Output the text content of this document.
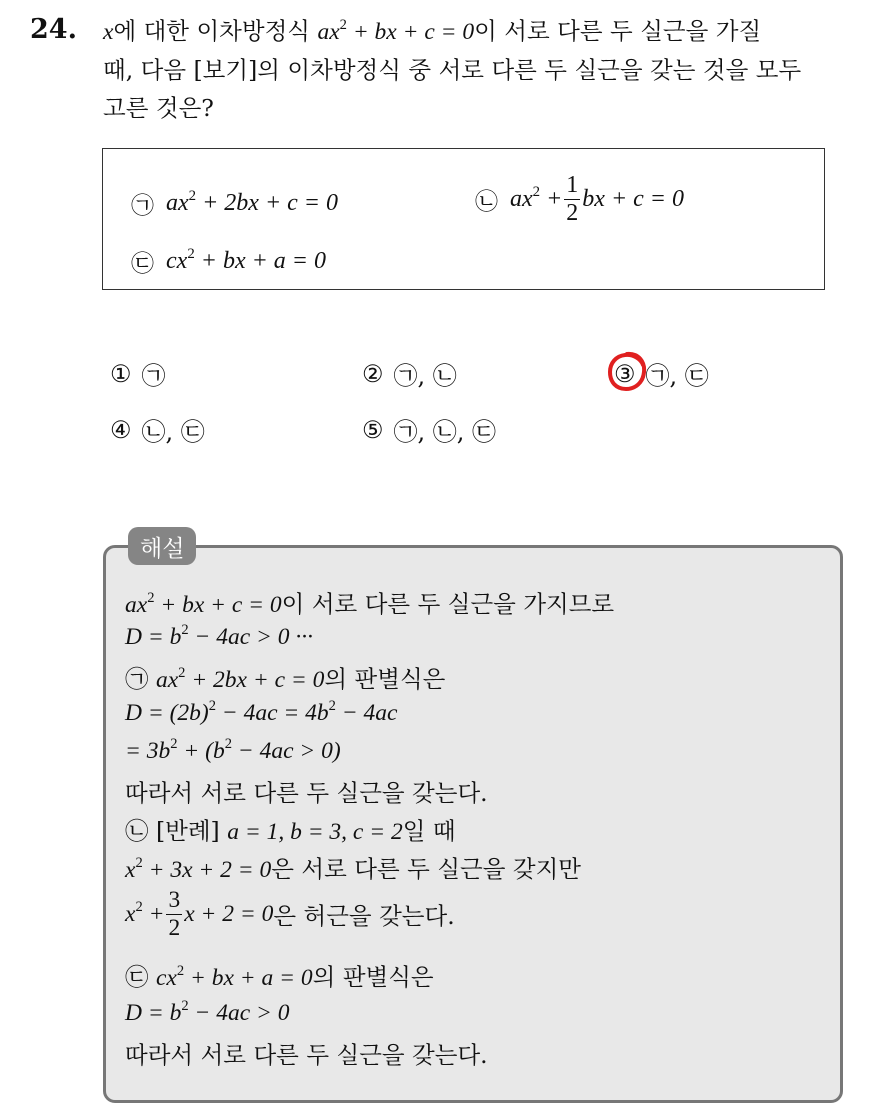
24. x에 대한 이차방정식 $ax^2$ + bx + c = 0이 서로 다른 두 실근을 가질
때, 다음 [보기]의 이차방정식 중 서로 다른 두 실근을 갖는 것을 모두
고른 것은?

㉠ $ax^2 + 2bx + c = 0$	㉡ $ax^2 + \frac{1}{2}$ bx + c = 0
㉢ $cx^2$ + bx + a = 0
① ㉠	② ㉠, ㉡	③ ㉠, ㉢
④ ㉡, ㉢	⑤ ㉠, ㉡, ㉢
해설
$ax^2$ + bx + c = 0이 서로 다른 두 실근을 가지므로
$D = b^2 - 4ac > 0$ ···
㉠ $ax^2 + 2bx + c = 0$의 판별식은
$D = (2b)^2 - 4ac = 4b^2 - 4ac$
= $3b^2 + (b^2 - 4ac > 0)$
따라서 서로 다른 두 실근을 갖는다.
㉡ [반례] a = 1, b = 3, c = 2일 때
$x^2 + 3x + 2 = 0$은 서로 다른 두 실근을 갖지만
$x^2 + \frac{3}{2}$ x + 2 = 0 은 허근을 갖는다.
㉢ $cx^2$ + bx + a = 0의 판별식은
$D = b^2 - 4ac > 0$
따라서 서로 다른 두 실근을 갖는다.
